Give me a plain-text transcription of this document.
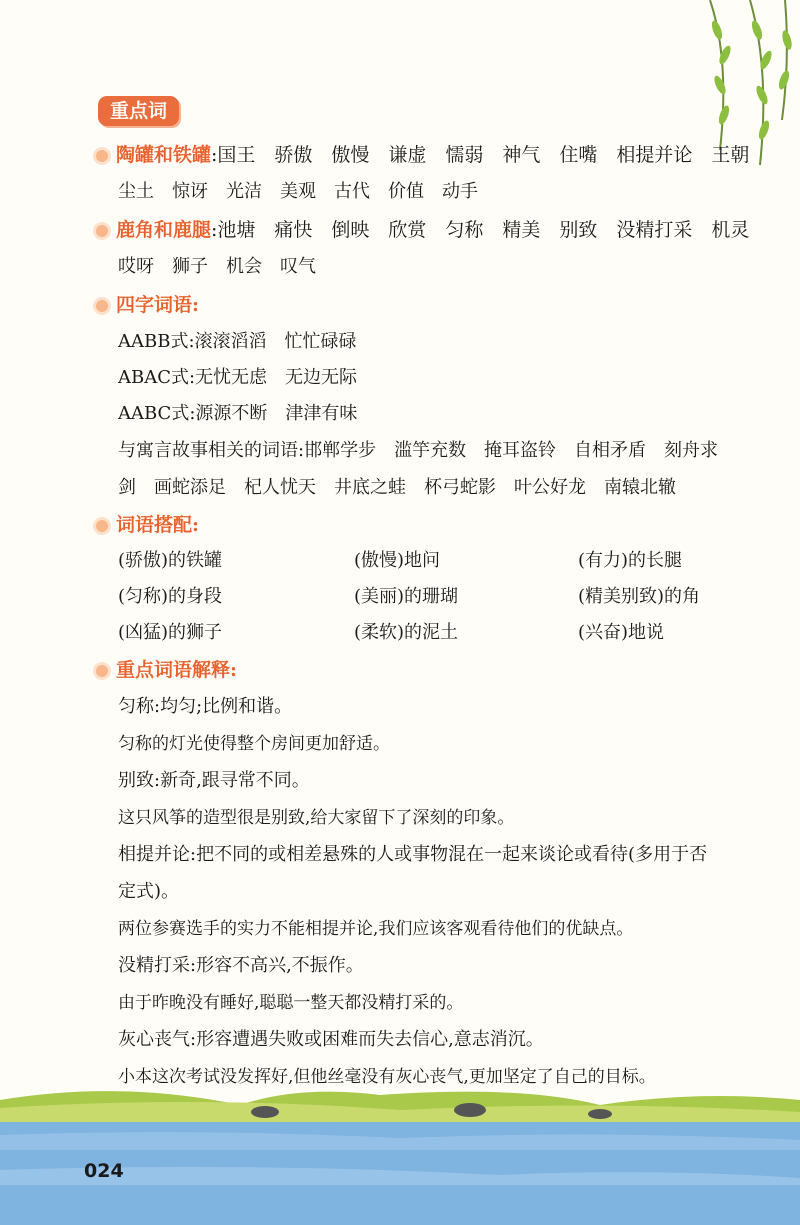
重点词
陶罐和铁罐:国王　骄傲　傲慢　谦虚　懦弱　神气　住嘴　相提并论　王朝
尘土　惊讶　光洁　美观　古代　价值　动手
鹿角和鹿腿:池塘　痛快　倒映　欣赏　匀称　精美　别致　没精打采　机灵
哎呀　狮子　机会　叹气
四字词语:
AABB式:滚滚滔滔　忙忙碌碌
ABAC式:无忧无虑　无边无际
AABC式:源源不断　津津有味
与寓言故事相关的词语:邯郸学步　滥竽充数　掩耳盗铃　自相矛盾　刻舟求
剑　画蛇添足　杞人忧天　井底之蛙　杯弓蛇影　叶公好龙　南辕北辙
词语搭配:
(骄傲)的铁罐	(傲慢)地问	(有力)的长腿
(匀称)的身段	(美丽)的珊瑚	(精美别致)的角
(凶猛)的狮子	(柔软)的泥土	(兴奋)地说
重点词语解释:
匀称:均匀;比例和谐。
匀称的灯光使得整个房间更加舒适。
别致:新奇,跟寻常不同。
这只风筝的造型很是别致,给大家留下了深刻的印象。
相提并论:把不同的或相差悬殊的人或事物混在一起来谈论或看待(多用于否
定式)。
两位参赛选手的实力不能相提并论,我们应该客观看待他们的优缺点。
没精打采:形容不高兴,不振作。
由于昨晚没有睡好,聪聪一整天都没精打采的。
灰心丧气:形容遭遇失败或困难而失去信心,意志消沉。
小本这次考试没发挥好,但他丝毫没有灰心丧气,更加坚定了自己的目标。
024
